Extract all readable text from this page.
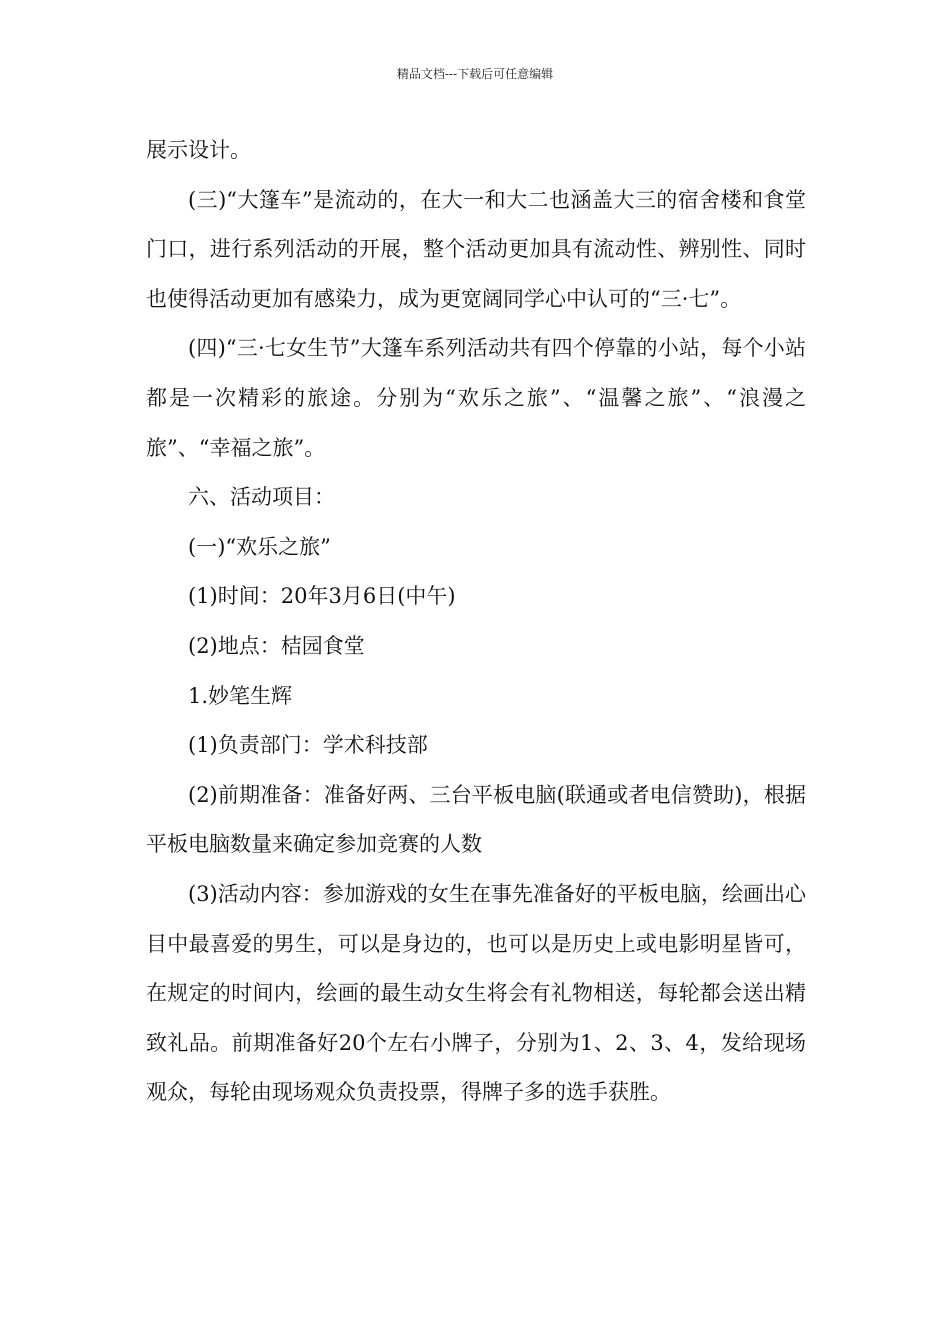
精品文档---下载后可任意编辑

展示设计。

(三)“大篷车”是流动的，在大一和大二也涵盖大三的宿舍楼和食堂门口，进行系列活动的开展，整个活动更加具有流动性、辨别性、同时也使得活动更加有感染力，成为更宽阔同学心中认可的“三·七”。

(四)“三·七女生节”大篷车系列活动共有四个停靠的小站，每个小站都是一次精彩的旅途。分别为“欢乐之旅”、“温馨之旅”、“浪漫之旅”、“幸福之旅”。

六、活动项目：

(一)“欢乐之旅”

(1)时间：20年3月6日(中午)

(2)地点：桔园食堂

1.妙笔生辉

(1)负责部门：学术科技部

(2)前期准备：准备好两、三台平板电脑(联通或者电信赞助)，根据平板电脑数量来确定参加竞赛的人数

(3)活动内容：参加游戏的女生在事先准备好的平板电脑，绘画出心目中最喜爱的男生，可以是身边的，也可以是历史上或电影明星皆可，在规定的时间内，绘画的最生动女生将会有礼物相送，每轮都会送出精致礼品。前期准备好20个左右小牌子，分别为1、2、3、4，发给现场观众，每轮由现场观众负责投票，得牌子多的选手获胜。
